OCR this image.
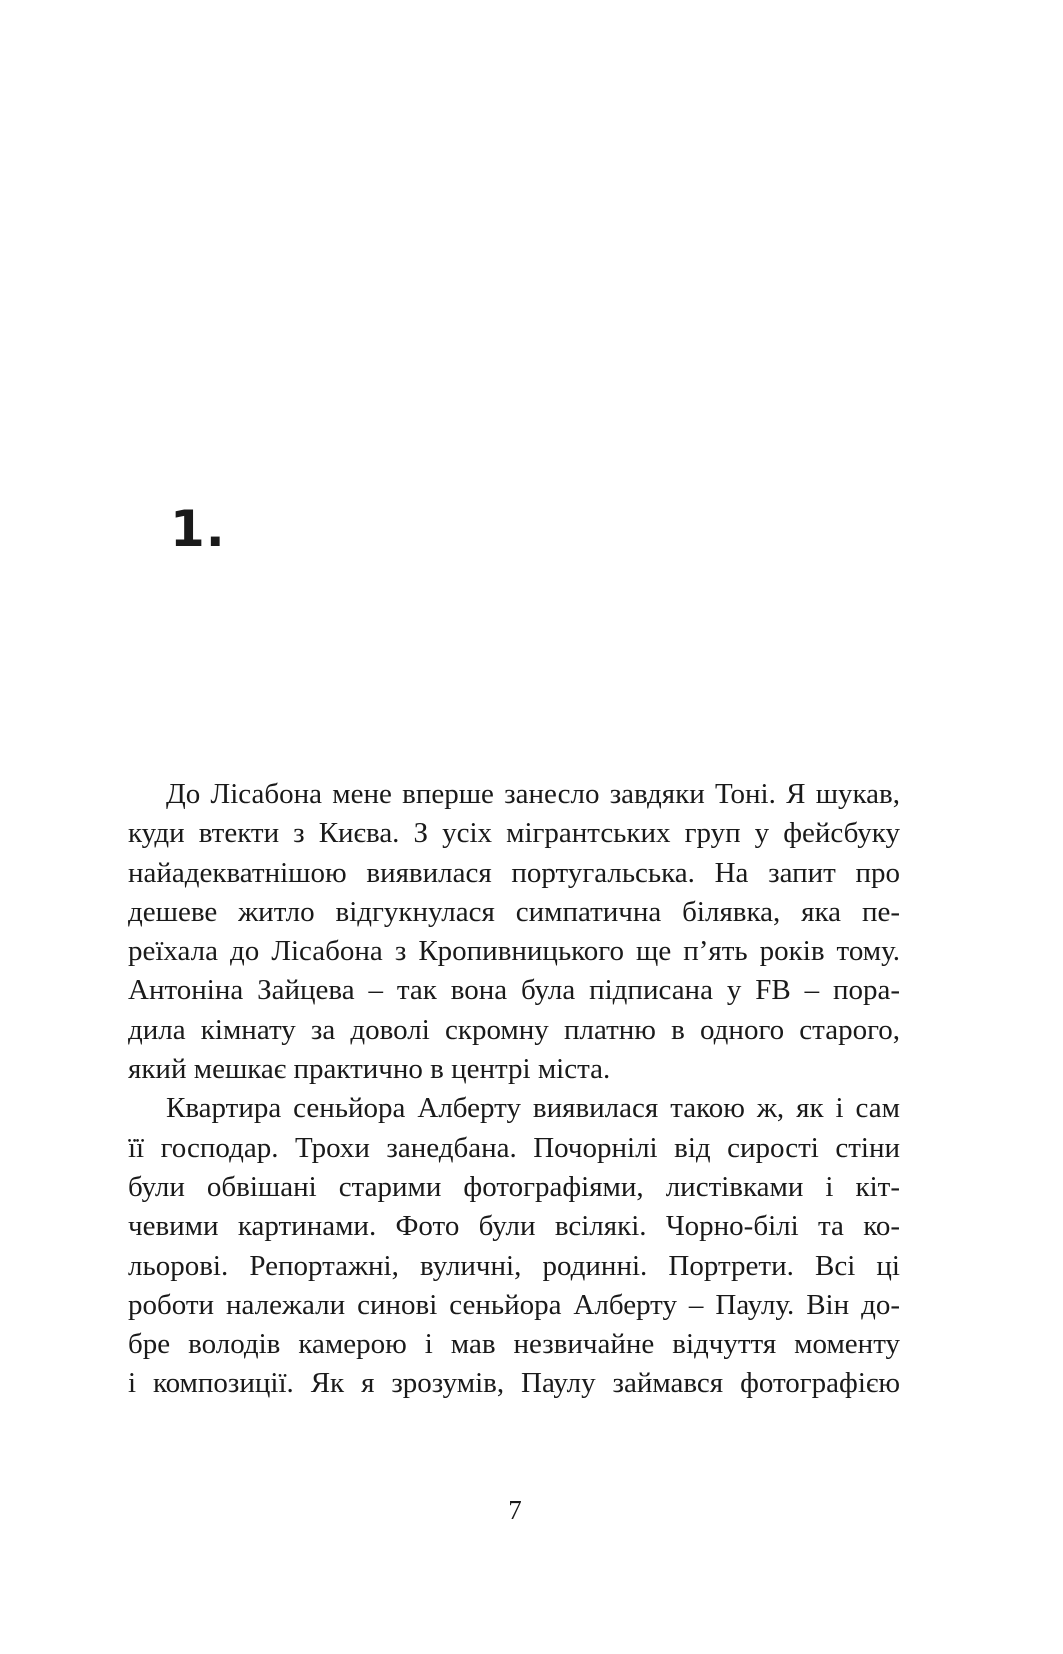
1.
До Лісабона мене вперше занесло завдяки Тоні. Я шукав,
куди втекти з Києва. З усіх мігрантських груп у фейсбуку
найадекватнішою виявилася португальська. На запит про
дешеве житло відгукнулася симпатична білявка, яка пе-
реїхала до Лісабона з Кропивницького ще п’ять років тому.
Антоніна Зайцева – так вона була підписана у FB – пора-
дила кімнату за доволі скромну платню в одного старого,
який мешкає практично в центрі міста.
Квартира сеньйора Алберту виявилася такою ж, як і сам
її господар. Трохи занедбана. Почорнілі від сирості стіни
були обвішані старими фотографіями, листівками і кіт-
чевими картинами. Фото були всілякі. Чорно-білі та ко-
льорові. Репортажні, вуличні, родинні. Портрети. Всі ці
роботи належали синові сеньйора Алберту – Паулу. Він до-
бре володів камерою і мав незвичайне відчуття моменту
і композиції. Як я зрозумів, Паулу займався фотографією
7
